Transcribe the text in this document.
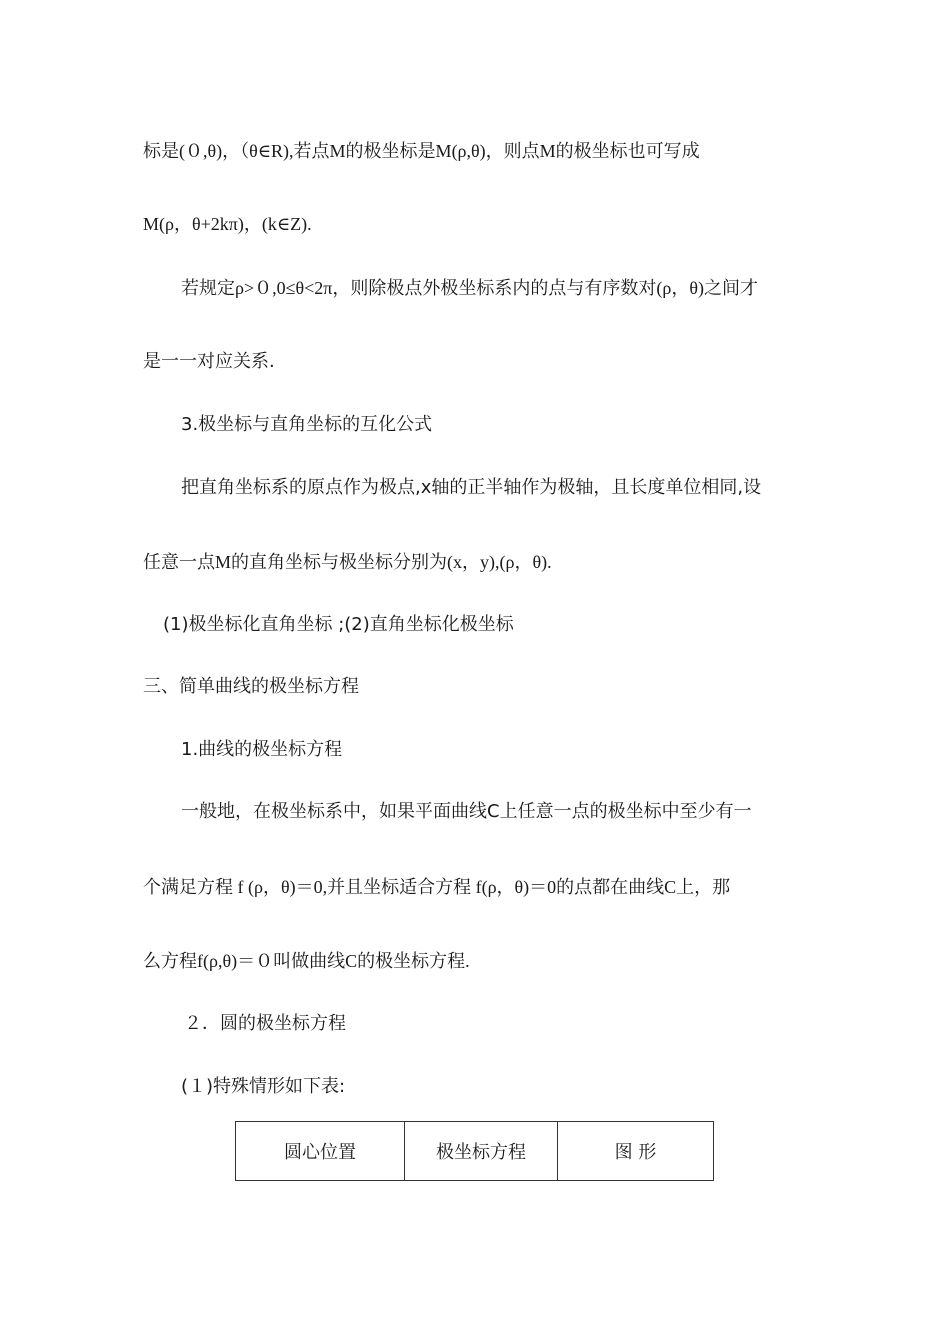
标是(０,θ)，（θ∈R),若点M的极坐标是M(ρ,θ)，则点M的极坐标也可写成
M(ρ，θ+2kπ)，(k∈Z).
若规定ρ>０,0≤θ<2π，则除极点外极坐标系内的点与有序数对(ρ，θ)之间才
是一一对应关系.
3.极坐标与直角坐标的互化公式
把直角坐标系的原点作为极点,x轴的正半轴作为极轴，且长度单位相同,设
任意一点M的直角坐标与极坐标分别为(x，y),(ρ，θ).
(1)极坐标化直角坐标 ;(2)直角坐标化极坐标
三、简单曲线的极坐标方程
1.曲线的极坐标方程
一般地，在极坐标系中，如果平面曲线C上任意一点的极坐标中至少有一
个满足方程 f (ρ，θ)＝0,并且坐标适合方程 f(ρ，θ)＝0的点都在曲线C上，那
么方程f(ρ,θ)＝０叫做曲线C的极坐标方程.
２．圆的极坐标方程
(１)特殊情形如下表:
圆心位置	极坐标方程	图 形
